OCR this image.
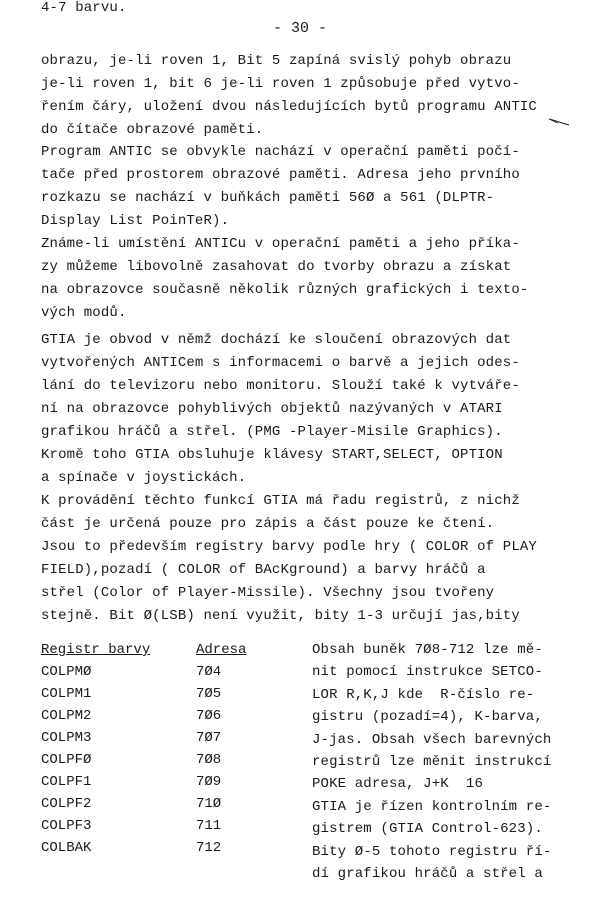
- 30 -
obrazu, je-li roven 1, Bit 5 zapíná svislý pohyb obrazu
je-li roven 1, bit 6 je-li roven 1 způsobuje před vytvo-
řením čáry, uložení dvou následujících bytů programu ANTIC
do čítače obrazové paměti.
Program ANTIC se obvykle nachází v operační paměti počí-
tače před prostorem obrazové paměti. Adresa jeho prvního
rozkazu se nachází v buňkách paměti 56Ø a 561 (DLPTR-
Display List PoinTeR).
Známe-li umístění ANTICu v operační paměti a jeho příka-
zy můžeme libovolně zasahovat do tvorby obrazu a získat
na obrazovce současně několik různých grafických i texto-
vých modů.
GTIA je obvod v němž dochází ke sloučení obrazových dat
vytvořených ANTICem s informacemi o barvě a jejich odes-
lání do televizoru nebo monitoru. Slouží také k vytváře-
ní na obrazovce pohyblivých objektů nazývaných v ATARI
grafikou hráčů a střel. (PMG -Player-Misile Graphics).
Kromě toho GTIA obsluhuje klávesy START,SELECT, OPTION
a spínače v joystickách.
K provádění těchto funkcí GTIA má řadu registrů, z nichž
část je určená pouze pro zápis a část pouze ke čtení.
Jsou to především registry barvy podle hry ( COLOR of PLAY
FIELD),pozadí ( COLOR of BAcKground) a barvy hráčů a
střel (Color of Player-Missile). Všechny jsou tvořeny
stejně. Bit Ø(LSB) není využit, bity 1-3 určují jas,bity
4-7 barvu.
Registr barvy	Adresa
COLPMØ	7Ø4
COLPM1	7Ø5
COLPM2	7Ø6
COLPM3	7Ø7
COLPFØ	7Ø8
COLPF1	7Ø9
COLPF2	71Ø
COLPF3	711
COLBAK	712
Obsah buněk 7Ø8-712 lze mě-
nit pomocí instrukce SETCO-
LOR R,K,J kde  R-číslo re-
gistru (pozadí=4), K-barva,
J-jas. Obsah všech barevných
registrů lze měnit instrukcí
POKE adresa, J+K  16
GTIA je řízen kontrolním re-
gistrem (GTIA Control-623).
Bity Ø-5 tohoto registru ří-
dí grafikou hráčů a střel a
